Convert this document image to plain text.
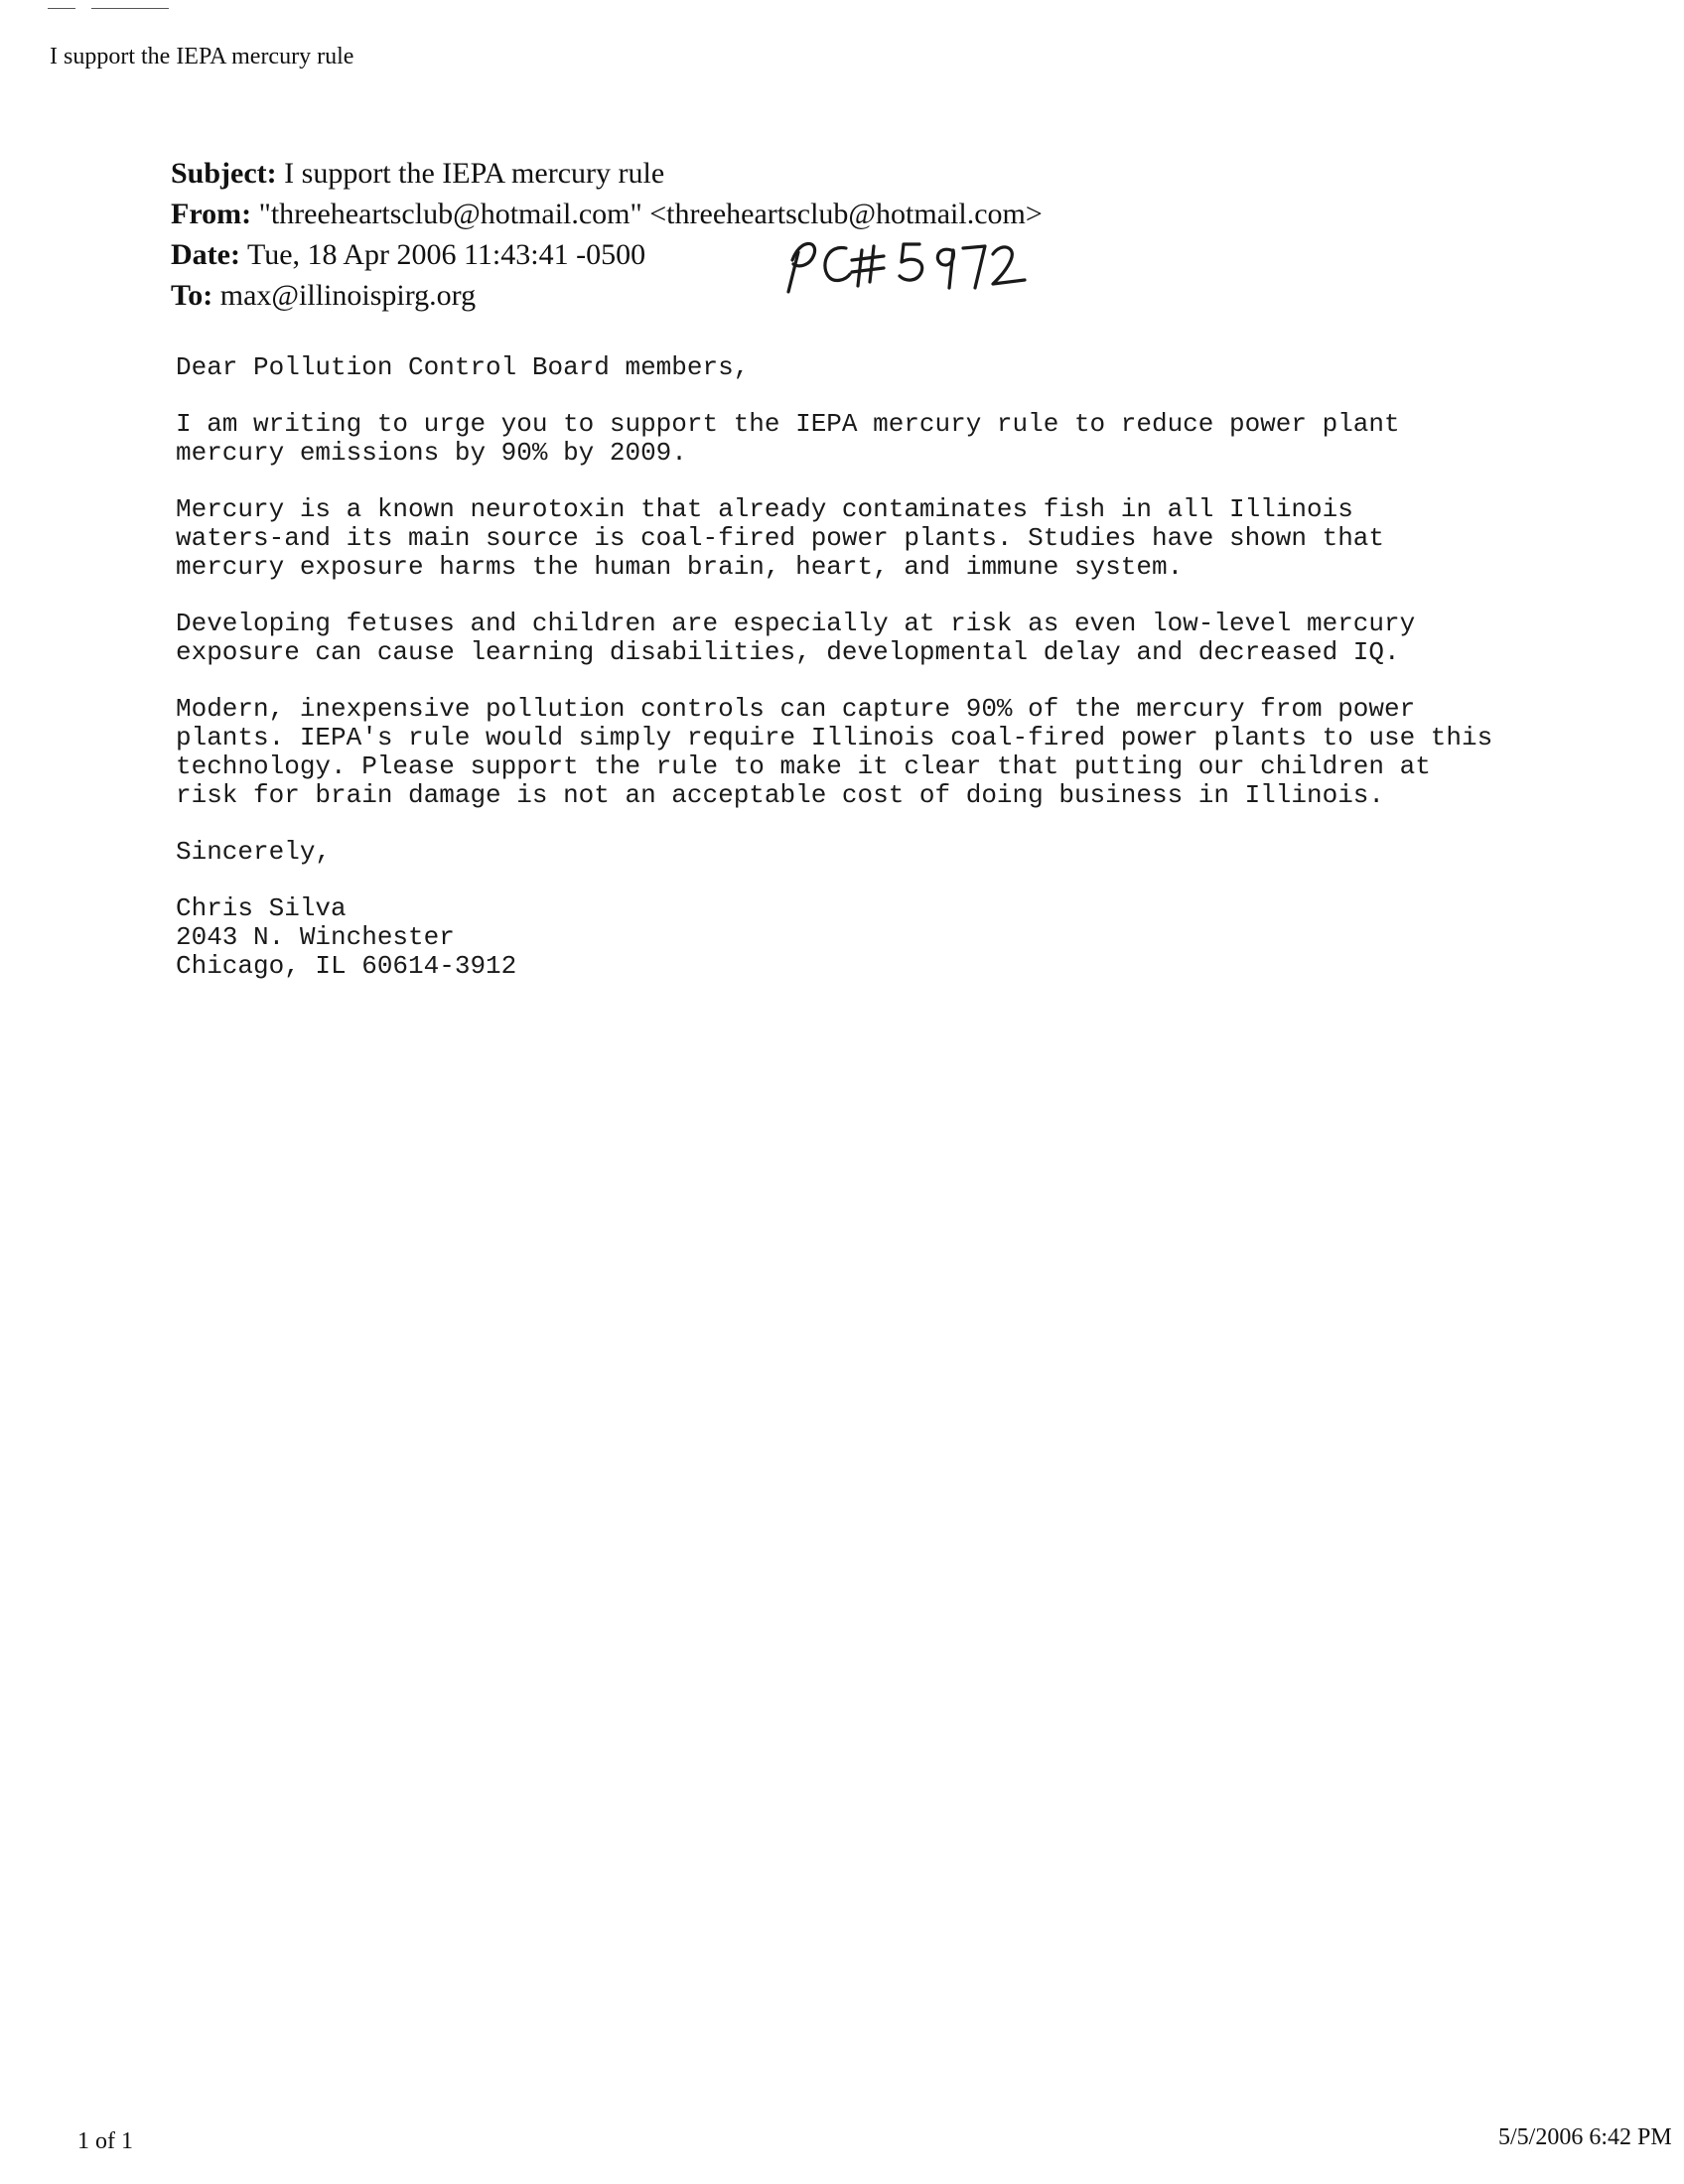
I support the IEPA mercury rule
Subject: I support the IEPA mercury rule
From: "threeheartsclub@hotmail.com" <threeheartsclub@hotmail.com>
Date: Tue, 18 Apr 2006 11:43:41 -0500
To: max@illinoispirg.org
Dear Pollution Control Board members,
I am writing to urge you to support the IEPA mercury rule to reduce power plant
mercury emissions by 90% by 2009.
Mercury is a known neurotoxin that already contaminates fish in all Illinois
waters-and its main source is coal-fired power plants. Studies have shown that
mercury exposure harms the human brain, heart, and immune system.
Developing fetuses and children are especially at risk as even low-level mercury
exposure can cause learning disabilities, developmental delay and decreased IQ.
Modern, inexpensive pollution controls can capture 90% of the mercury from power
plants. IEPA's rule would simply require Illinois coal-fired power plants to use this
technology. Please support the rule to make it clear that putting our children at
risk for brain damage is not an acceptable cost of doing business in Illinois.
Sincerely,
Chris Silva
2043 N. Winchester
Chicago, IL 60614-3912
1 of 1	5/5/2006 6:42 PM
